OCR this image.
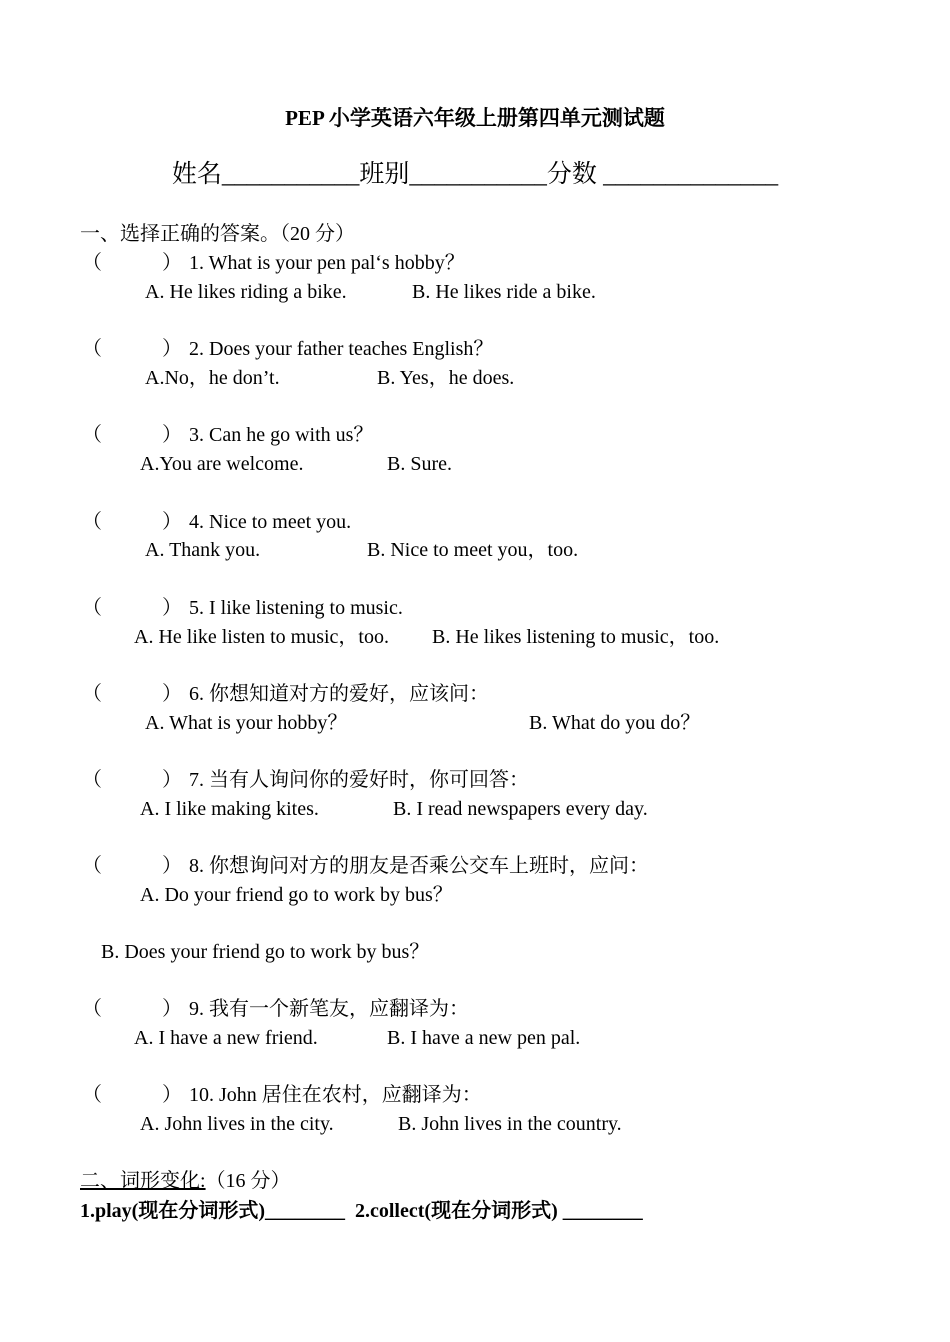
PEP 小学英语六年级上册第四单元测试题
姓名___________班别___________分数 ______________
一、选择正确的答案。（20 分）
（            ） 1. What is your pen pal‘s hobby？
A. He likes riding a bike.	B. He likes ride a bike.
（            ） 2. Does your father teaches English？
A.No，he don’t.	B. Yes，he does.
（            ） 3. Can he go with us？
A.You are welcome.	B. Sure.
（            ） 4. Nice to meet you.
A. Thank you.	B. Nice to meet you，too.
（            ） 5. I like listening to music.
A. He like listen to music，too. B. He likes listening to music，too.
（            ） 6. 你想知道对方的爱好，应该问：
A. What is your hobby？	B. What do you do？
（            ） 7. 当有人询问你的爱好时，你可回答：
A. I like making kites.	B. I read newspapers every day.
（            ） 8. 你想询问对方的朋友是否乘公交车上班时，应问：
A. Do your friend go to work by bus？
B. Does your friend go to work by bus？
（            ） 9. 我有一个新笔友，应翻译为：
A. I have a new friend.	B. I have a new pen pal.
（            ） 10. John 居住在农村，应翻译为：
A. John lives in the city.	B. John lives in the country.
二、词形变化:（16 分）
1.play(现在分词形式)________  2.collect(现在分词形式) ________
